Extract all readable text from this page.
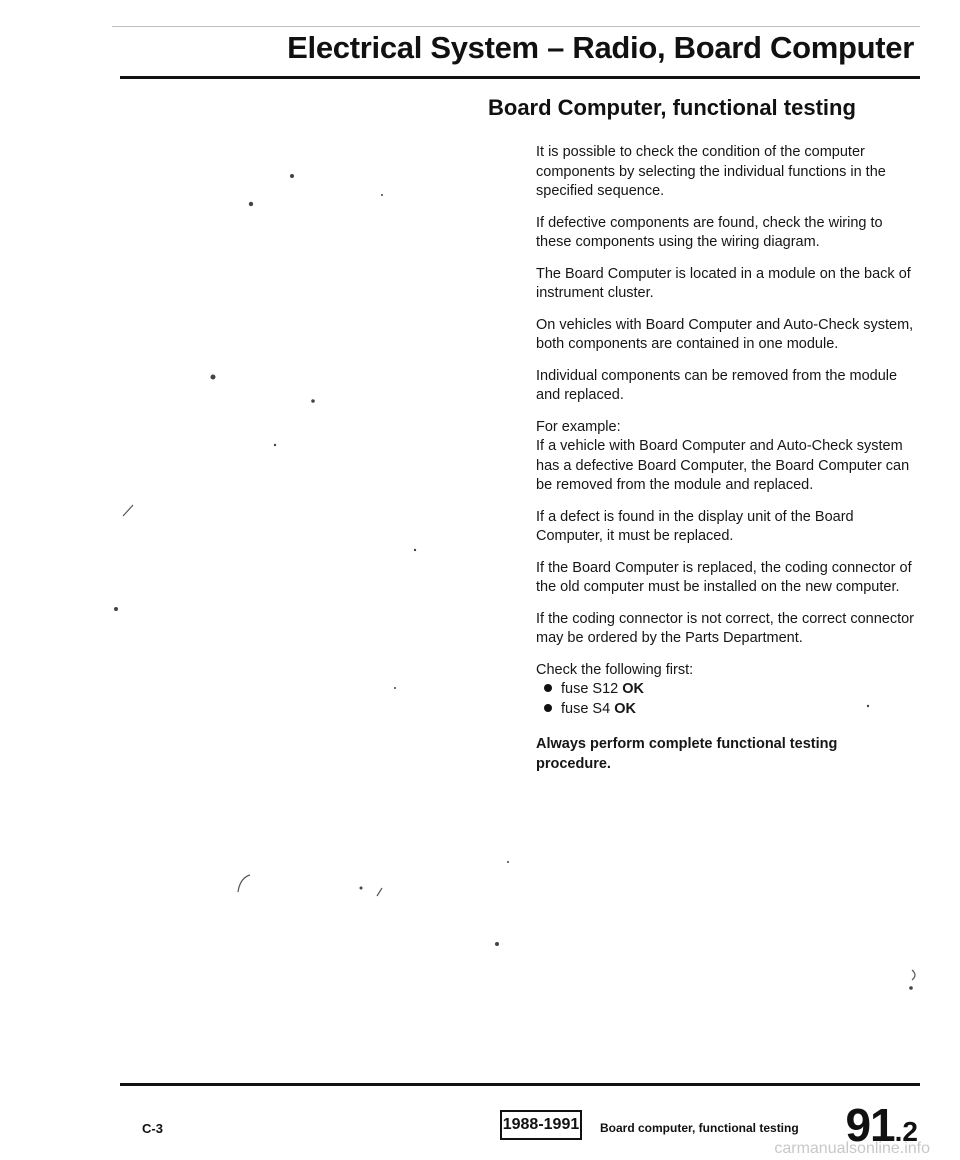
Electrical System – Radio, Board Computer
Board Computer, functional testing

It is possible to check the condition of the computer components by selecting the individual functions in the specified sequence.

If defective components are found, check the wiring to these components using the wiring diagram.

The Board Computer is located in a module on the back of instrument cluster.

On vehicles with Board Computer and Auto-Check system, both components are contained in one module.

Individual components can be removed from the module and replaced.

For example:

If a vehicle with Board Computer and Auto-Check system has a defective Board Computer, the Board Computer can be removed from the module and replaced.

If a defect is found in the display unit of the Board Computer, it must be replaced.

If the Board Computer is replaced, the coding connector of the old computer must be installed on the new computer.

If the coding connector is not correct, the correct connector may be ordered by the Parts Department.

Check the following first:

fuse S12 OK
fuse S4 OK

Always perform complete functional testing procedure.

C-3	1988-1991 Board computer, functional testing 91.2
carmanualsonline.info
